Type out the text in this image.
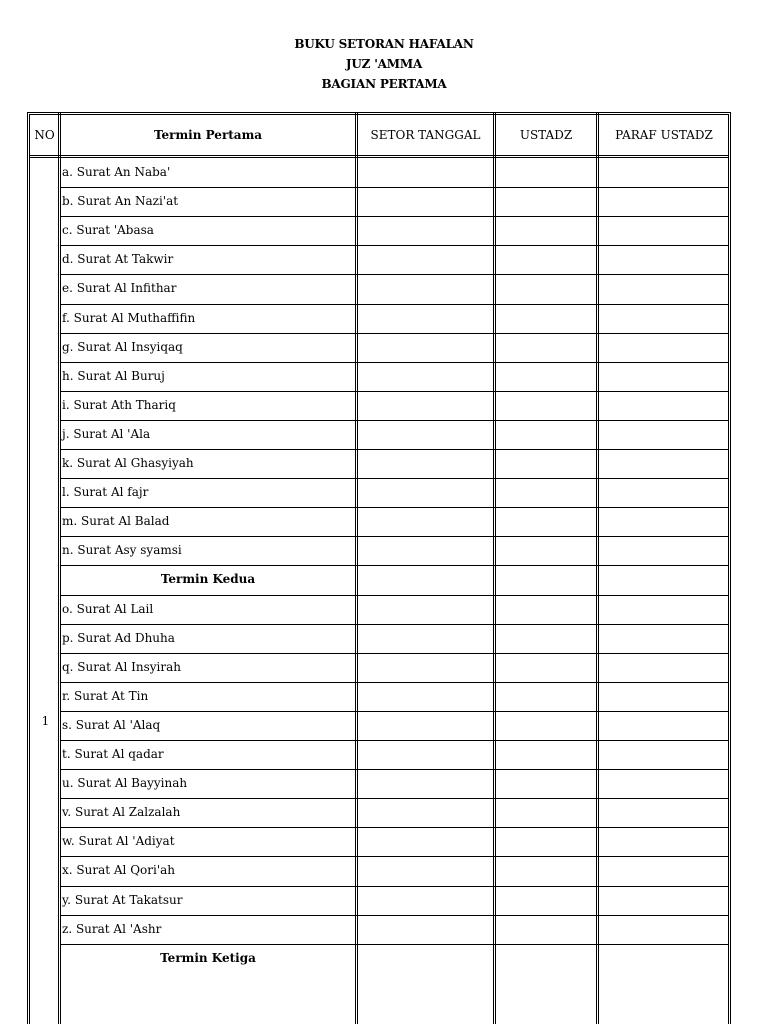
BUKU SETORAN HAFALAN
JUZ 'AMMA
BAGIAN PERTAMA
NO	Termin Pertama	SETOR TANGGAL	USTADZ	PARAF USTADZ
1
a. Surat An Naba'
b. Surat An Nazi'at
c. Surat 'Abasa
d. Surat At Takwir
e. Surat Al Infithar
f. Surat Al Muthaffifin
g. Surat Al Insyiqaq
h. Surat Al Buruj
i. Surat Ath Thariq
j. Surat Al 'Ala
k. Surat Al Ghasyiyah
l. Surat Al fajr
m. Surat Al Balad
n. Surat Asy syamsi
Termin Kedua
o. Surat Al Lail
p. Surat Ad Dhuha
q. Surat Al Insyirah
r. Surat At Tin
s. Surat Al 'Alaq
t. Surat Al qadar
u. Surat Al Bayyinah
v. Surat Al Zalzalah
w. Surat Al 'Adiyat
x. Surat Al Qori'ah
y. Surat At Takatsur
z. Surat Al 'Ashr
Termin Ketiga
